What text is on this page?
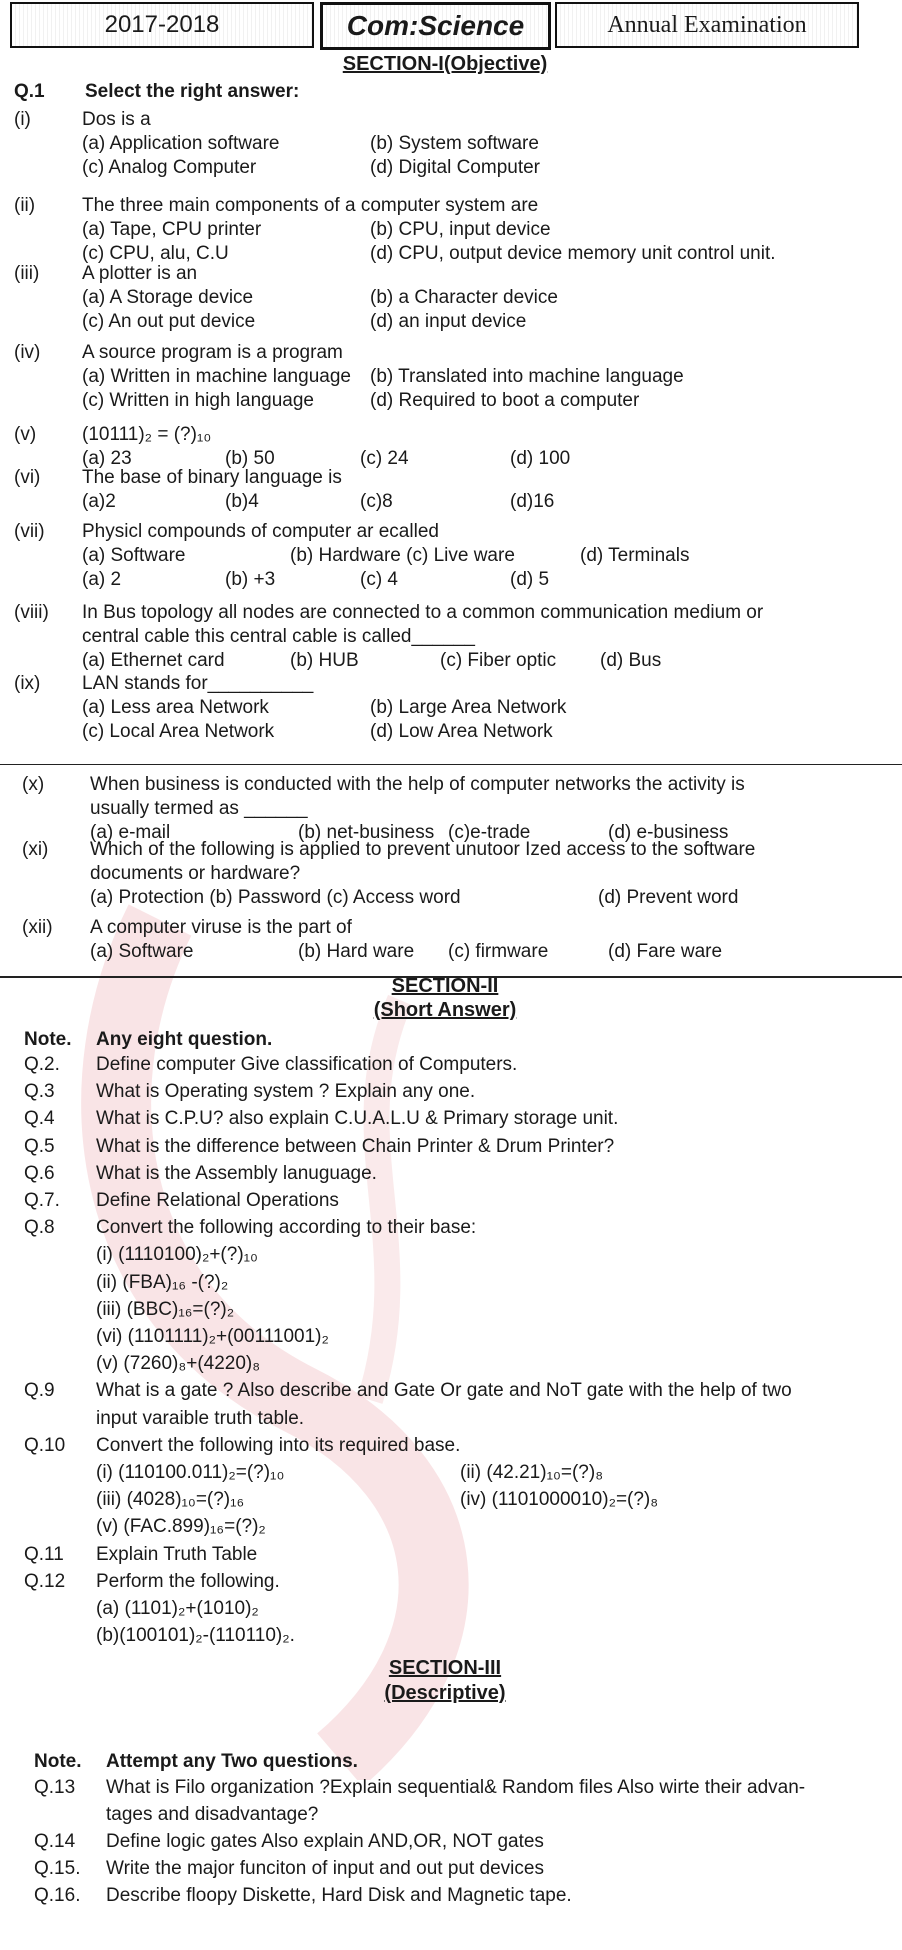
2017-2018	Com:Science	Annual Examination
SECTION-I(Objective)
Q.1 Select the right answer:
(i)	Dos is a
(a) Application software	(b) System software
(c) Analog Computer	(d) Digital Computer
(ii) The three main components of a computer system are
(a) Tape, CPU printer	(b) CPU, input device
(c) CPU, alu, C.U	(d) CPU, output device memory unit control unit.
(iii) A plotter is an
(a) A Storage device	(b) a Character device
(c) An out put device	(d) an input device
(iv) A source program is a program
(a) Written in machine language (b) Translated into machine language
(c) Written in high language	(d) Required to boot a computer
(v) (10111)₂ = (?)₁₀
(a) 23	(b) 50	(c) 24	(d) 100
(vi) The base of binary language is
(a)2	(b)4	(c)8	(d)16
(vii) Physicl compounds of computer ar ecalled
(a) Software	(b) Hardware (c) Live ware	(d) Terminals
(a) 2	(b) +3	(c) 4	(d) 5
(viii) In Bus topology all nodes are connected to a common communication medium or
central cable this central cable is called______
(a) Ethernet card	(b) HUB	(c) Fiber optic (d) Bus
(ix) LAN stands for__________
(a) Less area Network	(b) Large Area Network
(c) Local Area Network	(d) Low Area Network
(x) When business is conducted with the help of computer networks the activity is
usually termed as ______
(a) e-mail	(b) net-business (c)e-trade	(d) e-business
(xi) Which of the following is applied to prevent unutoor Ized access to the software
documents or hardware?
(a) Protection (b) Password (c) Access word	(d) Prevent word
(xii) A computer viruse is the part of
(a) Software	(b) Hard ware (c) firmware	(d) Fare ware
SECTION-II
(Short Answer)
Note. Any eight question.
Q.2. Define computer Give classification of Computers.
Q.3 What is Operating system ? Explain any one.
Q.4 What is C.P.U? also explain C.U.A.L.U & Primary storage unit.
Q.5 What is the difference between Chain Printer & Drum Printer?
Q.6 What is the Assembly lanuguage.
Q.7. Define Relational Operations
Q.8 Convert the following according to their base:
(i) (1110100)₂+(?)₁₀
(ii) (FBA)₁₆ -(?)₂
(iii) (BBC)₁₆=(?)₂
(vi) (1101111)₂+(00111001)₂
(v) (7260)₈+(4220)₈
Q.9 What is a gate ? Also describe and Gate Or gate and NoT gate with the help of two
input varaible truth table.
Q.10 Convert the following into its required base.
(i) (110100.011)₂=(?)₁₀	(ii) (42.21)₁₀=(?)₈
(iii) (4028)₁₀=(?)₁₆	(iv) (1101000010)₂=(?)₈
(v) (FAC.899)₁₆=(?)₂
Q.11 Explain Truth Table
Q.12 Perform the following.
(a) (1101)₂+(1010)₂
(b)(100101)₂-(110110)₂.
SECTION-III
(Descriptive)
Note. Attempt any Two questions.
Q.13 What is Filo organization ?Explain sequential& Random files Also wirte their advan-
tages and disadvantage?
Q.14 Define logic gates Also explain AND,OR, NOT gates
Q.15. Write the major funciton of input and out put devices
Q.16. Describe floopy Diskette, Hard Disk and Magnetic tape.
